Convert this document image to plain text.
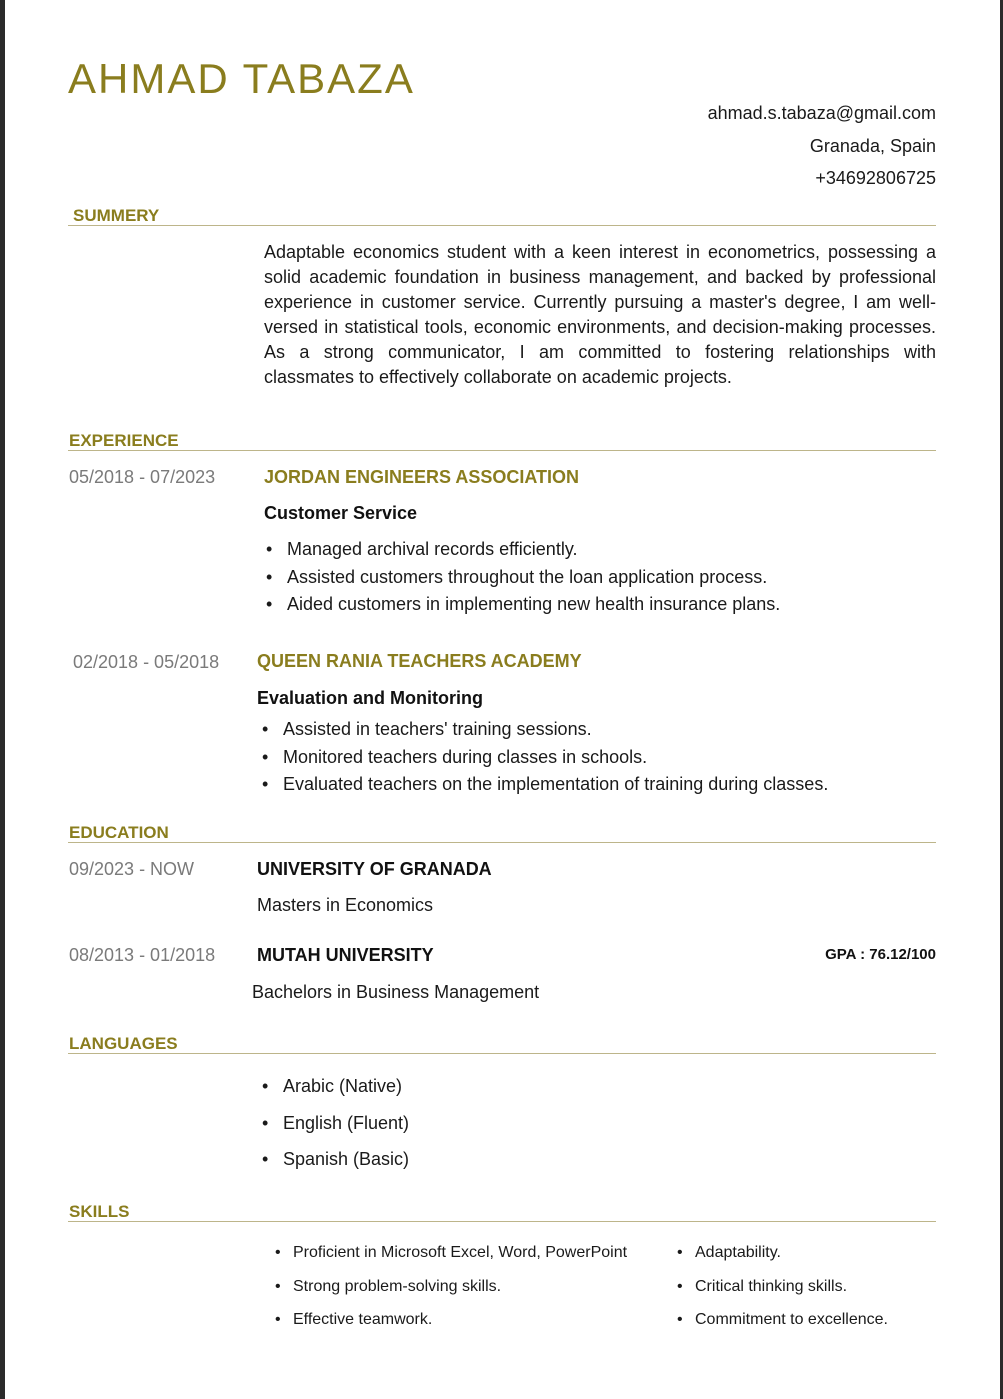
AHMAD TABAZA
ahmad.s.tabaza@gmail.com
Granada, Spain
+34692806725
SUMMERY
Adaptable economics student with a keen interest in econometrics, possessing a solid academic foundation in business management, and backed by professional experience in customer service. Currently pursuing a master's degree, I am well-versed in statistical tools, economic environments, and decision-making processes. As a strong communicator, I am committed to fostering relationships with classmates to effectively collaborate on academic projects.
EXPERIENCE
05/2018 - 07/2023	JORDAN ENGINEERS ASSOCIATION
Customer Service
• Managed archival records efficiently.
• Assisted customers throughout the loan application process.
• Aided customers in implementing new health insurance plans.
02/2018 - 05/2018 QUEEN RANIA TEACHERS ACADEMY
Evaluation and Monitoring
• Assisted in teachers' training sessions.
• Monitored teachers during classes in schools.
• Evaluated teachers on the implementation of training during classes.
EDUCATION
09/2023 - NOW	UNIVERSITY OF GRANADA
Masters in Economics
08/2013 - 01/2018 MUTAH UNIVERSITY	GPA : 76.12/100
Bachelors in Business Management
LANGUAGES
• Arabic (Native)
• English (Fluent)
• Spanish (Basic)
SKILLS
• Proficient in Microsoft Excel, Word, PowerPoint
• Strong problem-solving skills.
• Effective teamwork.
• Adaptability.
• Critical thinking skills.
• Commitment to excellence.
